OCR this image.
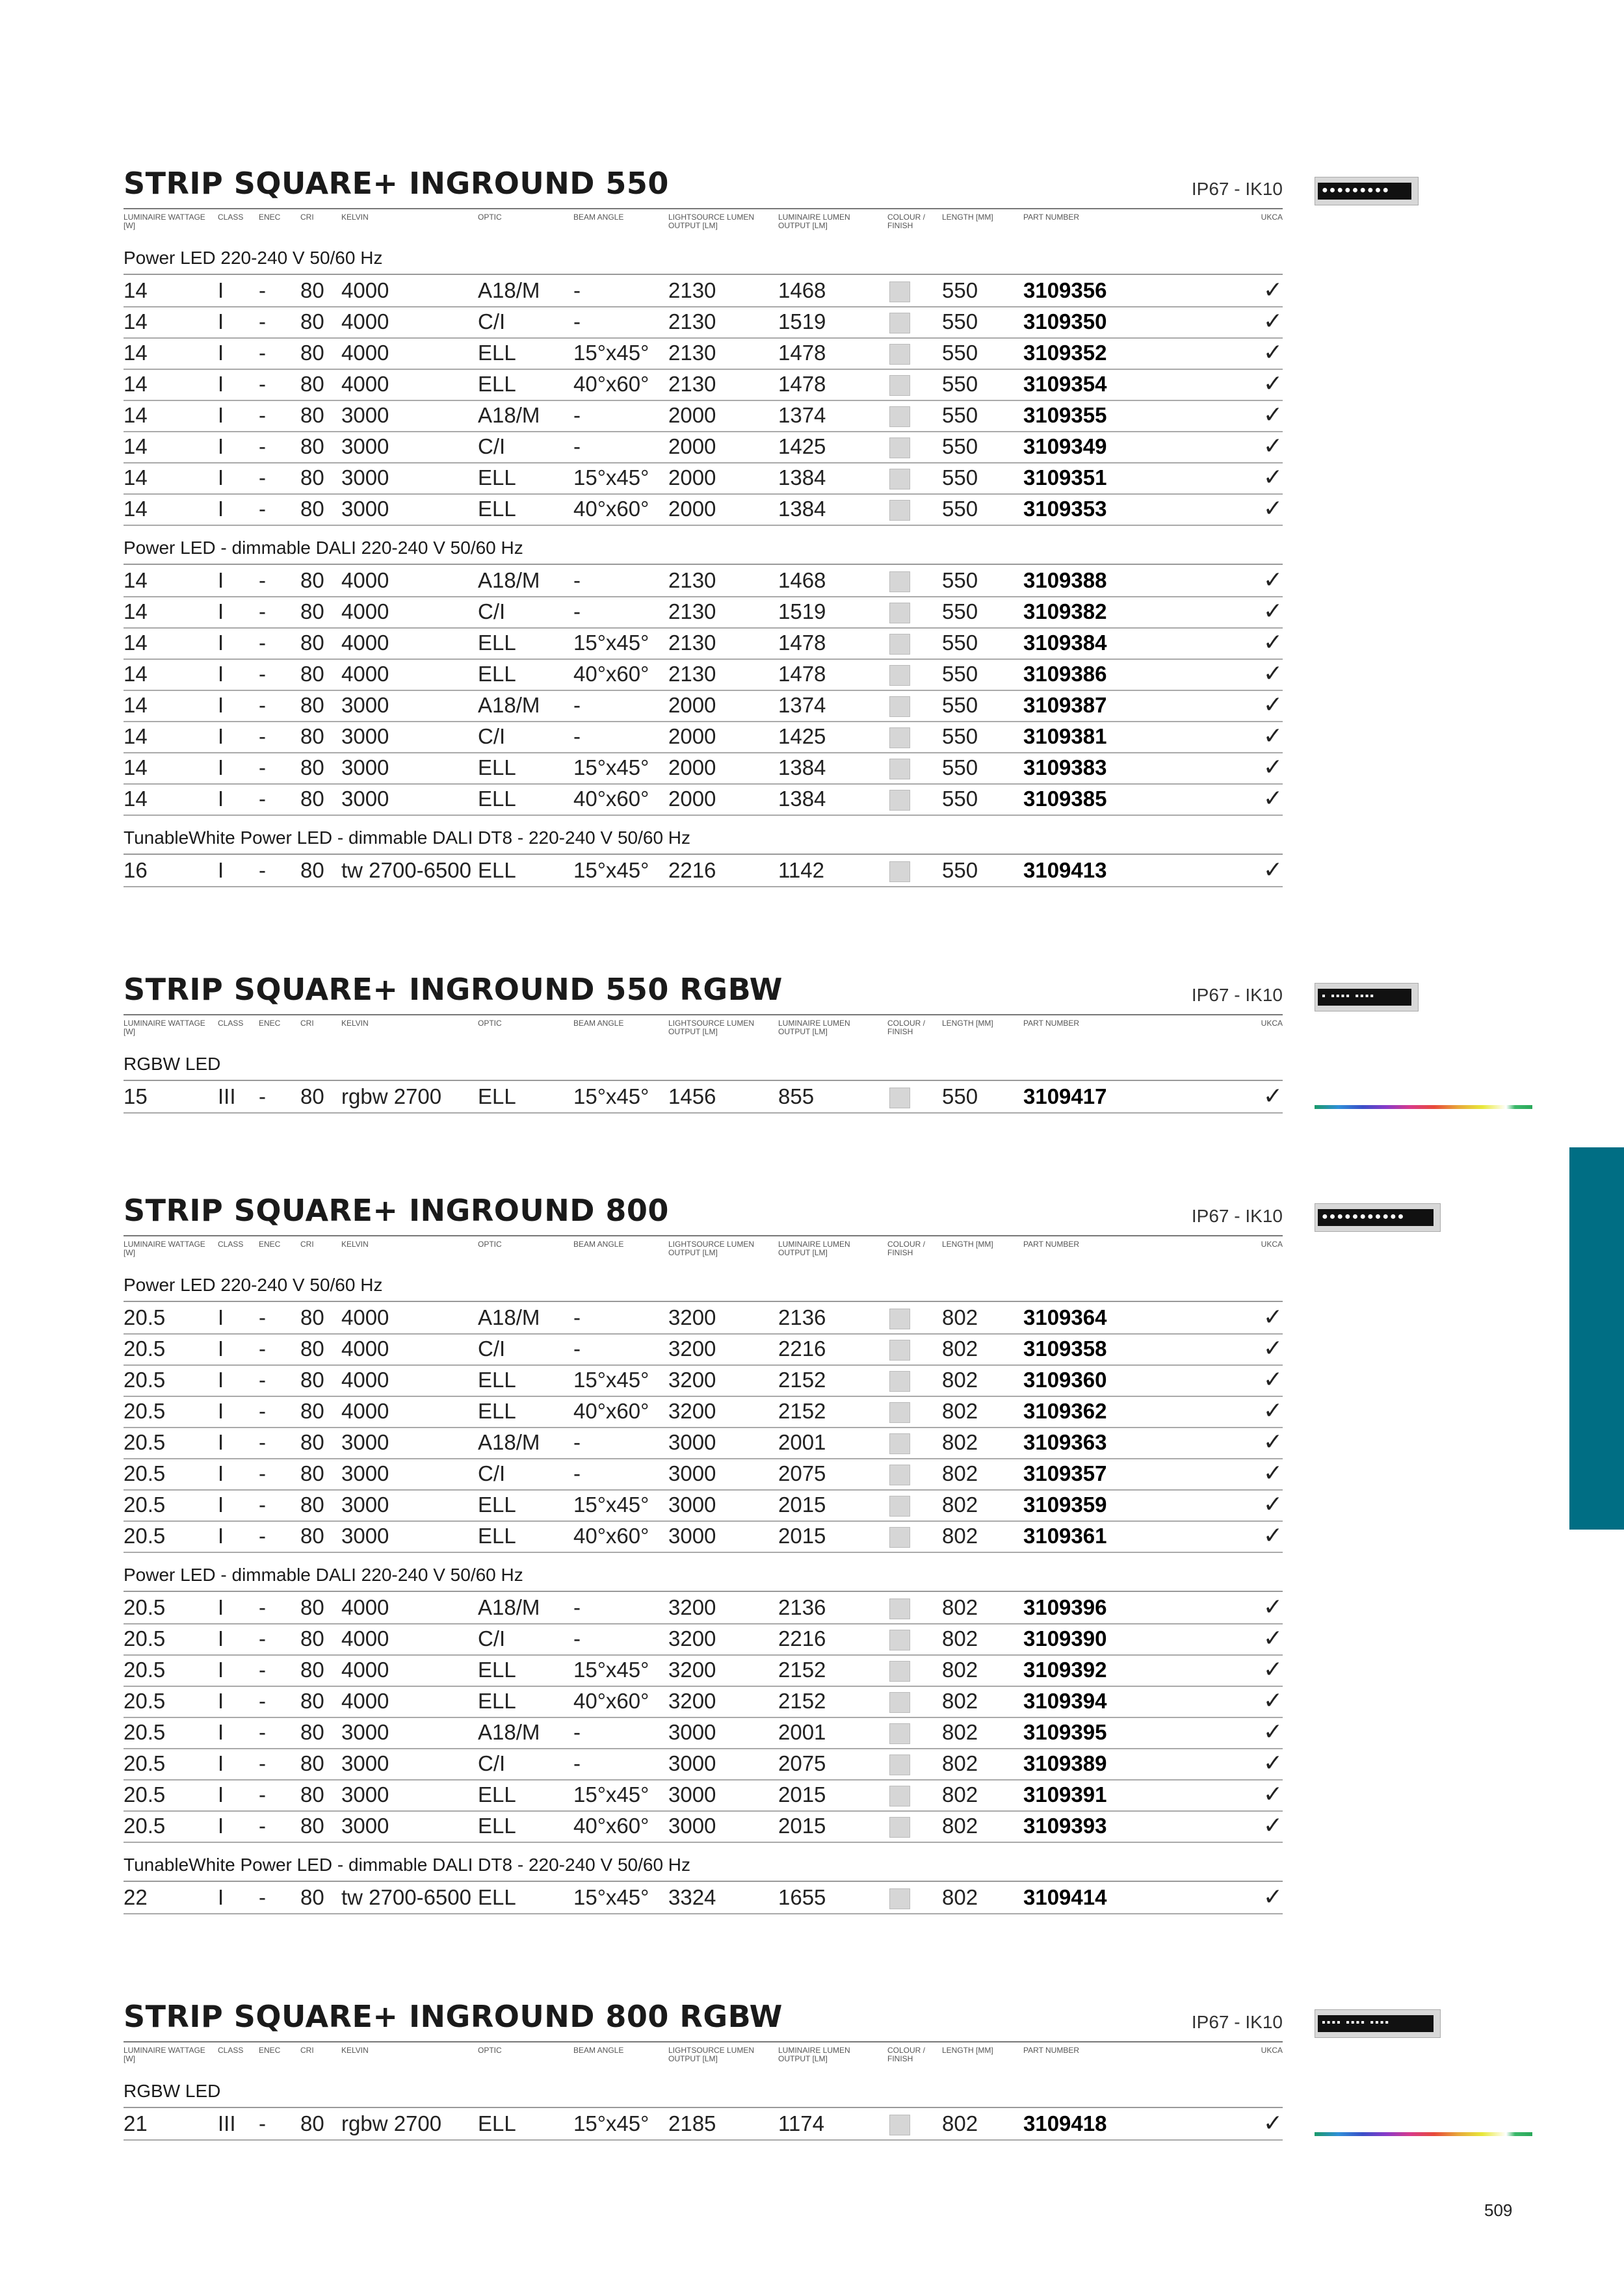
STRIP SQUARE+ INGROUND 550	IP67 - IK10
LUMINAIRE WATTAGE [W]
CLASS	ENEC	CRI	KELVIN	OPTIC	BEAM ANGLE	LIGHTSOURCE LUMEN OUTPUT [LM]
LUMINAIRE LUMEN OUTPUT [LM]
COLOUR / FINISH
LENGTH [MM]	PART NUMBER	UKCA
Power LED 220-240 V 50/60 Hz
14	I - 80 4000	A18/M -	2130	1468	550 3109356	✓
14	I - 80 4000	C/I	-	2130	1519	550 3109350	✓
14	I - 80 4000	ELL	15°x45° 2130	1478	550 3109352	✓
14	I - 80 4000	ELL	40°x60° 2130	1478	550 3109354	✓
14	I - 80 3000	A18/M -	2000	1374	550 3109355	✓
14	I - 80 3000	C/I	-	2000	1425	550 3109349	✓
14	I - 80 3000	ELL	15°x45° 2000	1384	550 3109351	✓
14	I - 80 3000	ELL	40°x60° 2000	1384	550 3109353	✓
Power LED - dimmable DALI 220-240 V 50/60 Hz
14	I - 80 4000	A18/M -	2130	1468	550 3109388	✓
14	I - 80 4000	C/I	-	2130	1519	550 3109382	✓
14	I - 80 4000	ELL	15°x45° 2130	1478	550 3109384	✓
14	I - 80 4000	ELL	40°x60° 2130	1478	550 3109386	✓
14	I - 80 3000	A18/M -	2000	1374	550 3109387	✓
14	I - 80 3000	C/I	-	2000	1425	550 3109381	✓
14	I - 80 3000	ELL	15°x45° 2000	1384	550 3109383	✓
14	I - 80 3000	ELL	40°x60° 2000	1384	550 3109385	✓
TunableWhite Power LED - dimmable DALI DT8 - 220-240 V 50/60 Hz
16	I - 80 tw 2700-6500 ELL	15°x45° 2216	1142	550 3109413	✓
STRIP SQUARE+ INGROUND 550 RGBW	IP67 - IK10
LUMINAIRE WATTAGE [W]
CLASS	ENEC	CRI	KELVIN	OPTIC	BEAM ANGLE	LIGHTSOURCE LUMEN OUTPUT [LM]
LUMINAIRE LUMEN OUTPUT [LM]
COLOUR / FINISH
LENGTH [MM]	PART NUMBER	UKCA
RGBW LED
15	III - 80 rgbw 2700 ELL	15°x45° 1456	855	550 3109417	✓
STRIP SQUARE+ INGROUND 800	IP67 - IK10
LUMINAIRE WATTAGE [W]
CLASS	ENEC	CRI	KELVIN	OPTIC	BEAM ANGLE	LIGHTSOURCE LUMEN OUTPUT [LM]
LUMINAIRE LUMEN OUTPUT [LM]
COLOUR / FINISH
LENGTH [MM]	PART NUMBER	UKCA
Power LED 220-240 V 50/60 Hz
20.5 I - 80 4000	A18/M -	3200	2136	802 3109364	✓
20.5 I - 80 4000	C/I	-	3200	2216	802 3109358	✓
20.5 I - 80 4000	ELL	15°x45° 3200	2152	802 3109360	✓
20.5 I - 80 4000	ELL	40°x60° 3200	2152	802 3109362	✓
20.5 I - 80 3000	A18/M -	3000	2001	802 3109363	✓
20.5 I - 80 3000	C/I	-	3000	2075	802 3109357	✓
20.5 I - 80 3000	ELL	15°x45° 3000	2015	802 3109359	✓
20.5 I - 80 3000	ELL	40°x60° 3000	2015	802 3109361	✓
Power LED - dimmable DALI 220-240 V 50/60 Hz
20.5 I - 80 4000	A18/M -	3200	2136	802 3109396	✓
20.5 I - 80 4000	C/I	-	3200	2216	802 3109390	✓
20.5 I - 80 4000	ELL	15°x45° 3200	2152	802 3109392	✓
20.5 I - 80 4000	ELL	40°x60° 3200	2152	802 3109394	✓
20.5 I - 80 3000	A18/M -	3000	2001	802 3109395	✓
20.5 I - 80 3000	C/I	-	3000	2075	802 3109389	✓
20.5 I - 80 3000	ELL	15°x45° 3000	2015	802 3109391	✓
20.5 I - 80 3000	ELL	40°x60° 3000	2015	802 3109393	✓
TunableWhite Power LED - dimmable DALI DT8 - 220-240 V 50/60 Hz
22	I - 80 tw 2700-6500 ELL	15°x45° 3324	1655	802 3109414	✓
STRIP SQUARE+ INGROUND 800 RGBW	IP67 - IK10
LUMINAIRE WATTAGE [W]
CLASS	ENEC	CRI	KELVIN	OPTIC	BEAM ANGLE	LIGHTSOURCE LUMEN OUTPUT [LM]
LUMINAIRE LUMEN OUTPUT [LM]
COLOUR / FINISH
LENGTH [MM]	PART NUMBER	UKCA
RGBW LED
21	III - 80 rgbw 2700 ELL	15°x45° 2185	1174	802 3109418	✓
509
●●●●●●●●●
▪ ▪▪▪▪ ▪▪▪▪
●●●●●●●●●●●
▪▪▪▪ ▪▪▪▪ ▪▪▪▪
